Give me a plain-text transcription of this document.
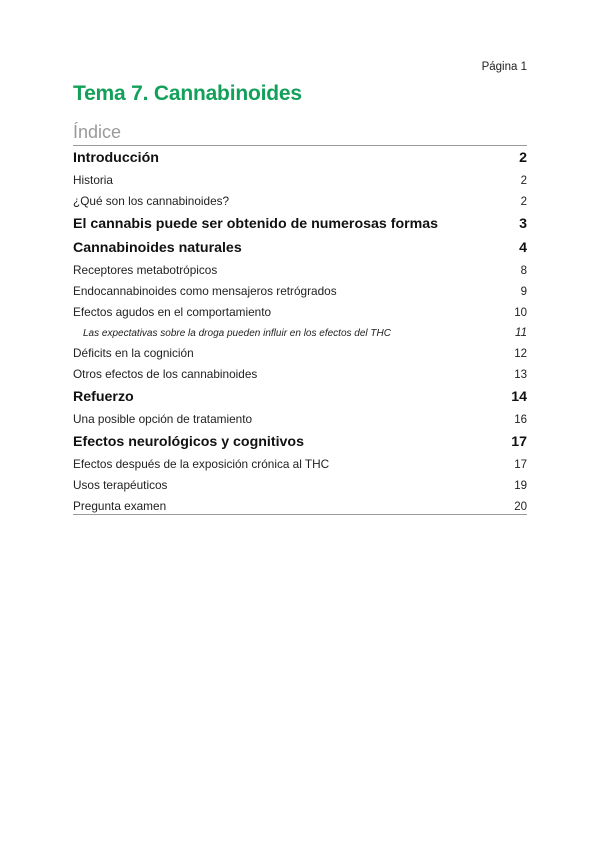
Página 1
Tema 7. Cannabinoides
Índice
Introducción	2
Historia	2
¿Qué son los cannabinoides?	2
El cannabis puede ser obtenido de numerosas formas	3
Cannabinoides naturales	4
Receptores metabotrópicos	8
Endocannabinoides como mensajeros retrógrados	9
Efectos agudos en el comportamiento	10
Las expectativas sobre la droga pueden influir en los efectos del THC	11
Déficits en la cognición	12
Otros efectos de los cannabinoides	13
Refuerzo	14
Una posible opción de tratamiento	16
Efectos neurológicos y cognitivos	17
Efectos después de la exposición crónica al THC	17
Usos terapéuticos	19
Pregunta examen	20
